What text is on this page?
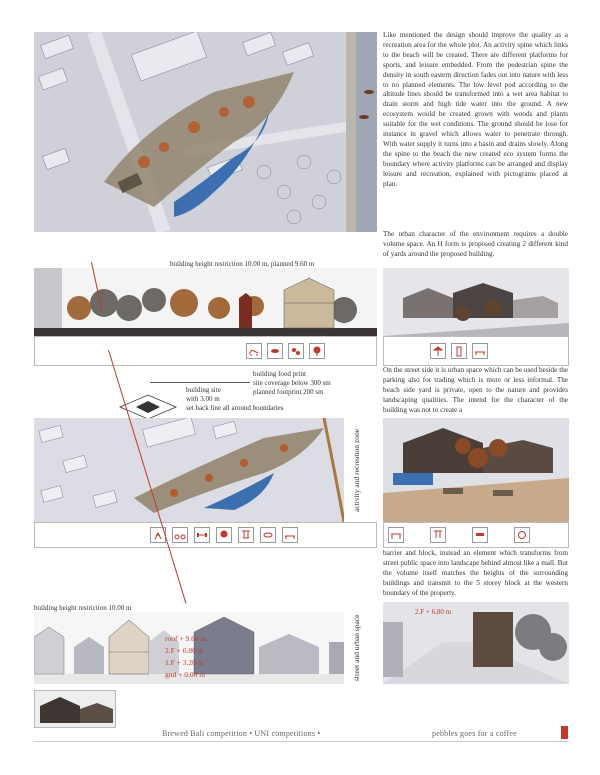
Like mentioned the design should improve the quality as a recreation area for the whole plot. An activity spine which links to the beach will be created. There are different platforms for sports, and leisure embedded. From the pedestrian spine the density in south eastern direction fades out into nature with less to no planned elements. The low level pod according to the altitude lines should be transformed into a wet area habitat to drain storm and high tide water into the ground. A new ecosystem would be created grown with woods and plants suitable for the wet conditions. The ground should be lose for instance in gravel which allows water to penetrate through. With water supply it turns into a basin and drains slowly. Along the spine to the beach the new created eco system forms the boundary where activity platforms can be arranged and display leisure and recreation, explained with pictograms placed at plan.
The urban character of the environment requires a double volume space. An H form is proposed creating 2 different kind of yards around the proposed building.
building height restriction 10.00 m, planned 9.60 m
building food print
site coverage below 300 sm
planned footprint 200 sm
building site
with 3.00 m
set back line all around boundaries
On the street side it is urban space which can be used beside the parking also for trading which is more or less informal. The beach side yard is private, open to the nature and provides landscaping qualities. The intend for the character of the building was not to create a
activity and recreation zone
barrier and block, instead an element which transforms from street public space into landscape behind almost like a mall. But the volume itself matches the heights of the surrounding buildings and transmit to the 5 storey block at the western boundary of the property.
building height restriction 10.00 m
roof + 9.60 m
2.F + 6.80 m
1.F + 3.20 m
gnd + 0.00 m	street and urban space
2.F + 6.80 m
Brewed Bali competition • UNI competitions •	pebbles goes for a coffee
